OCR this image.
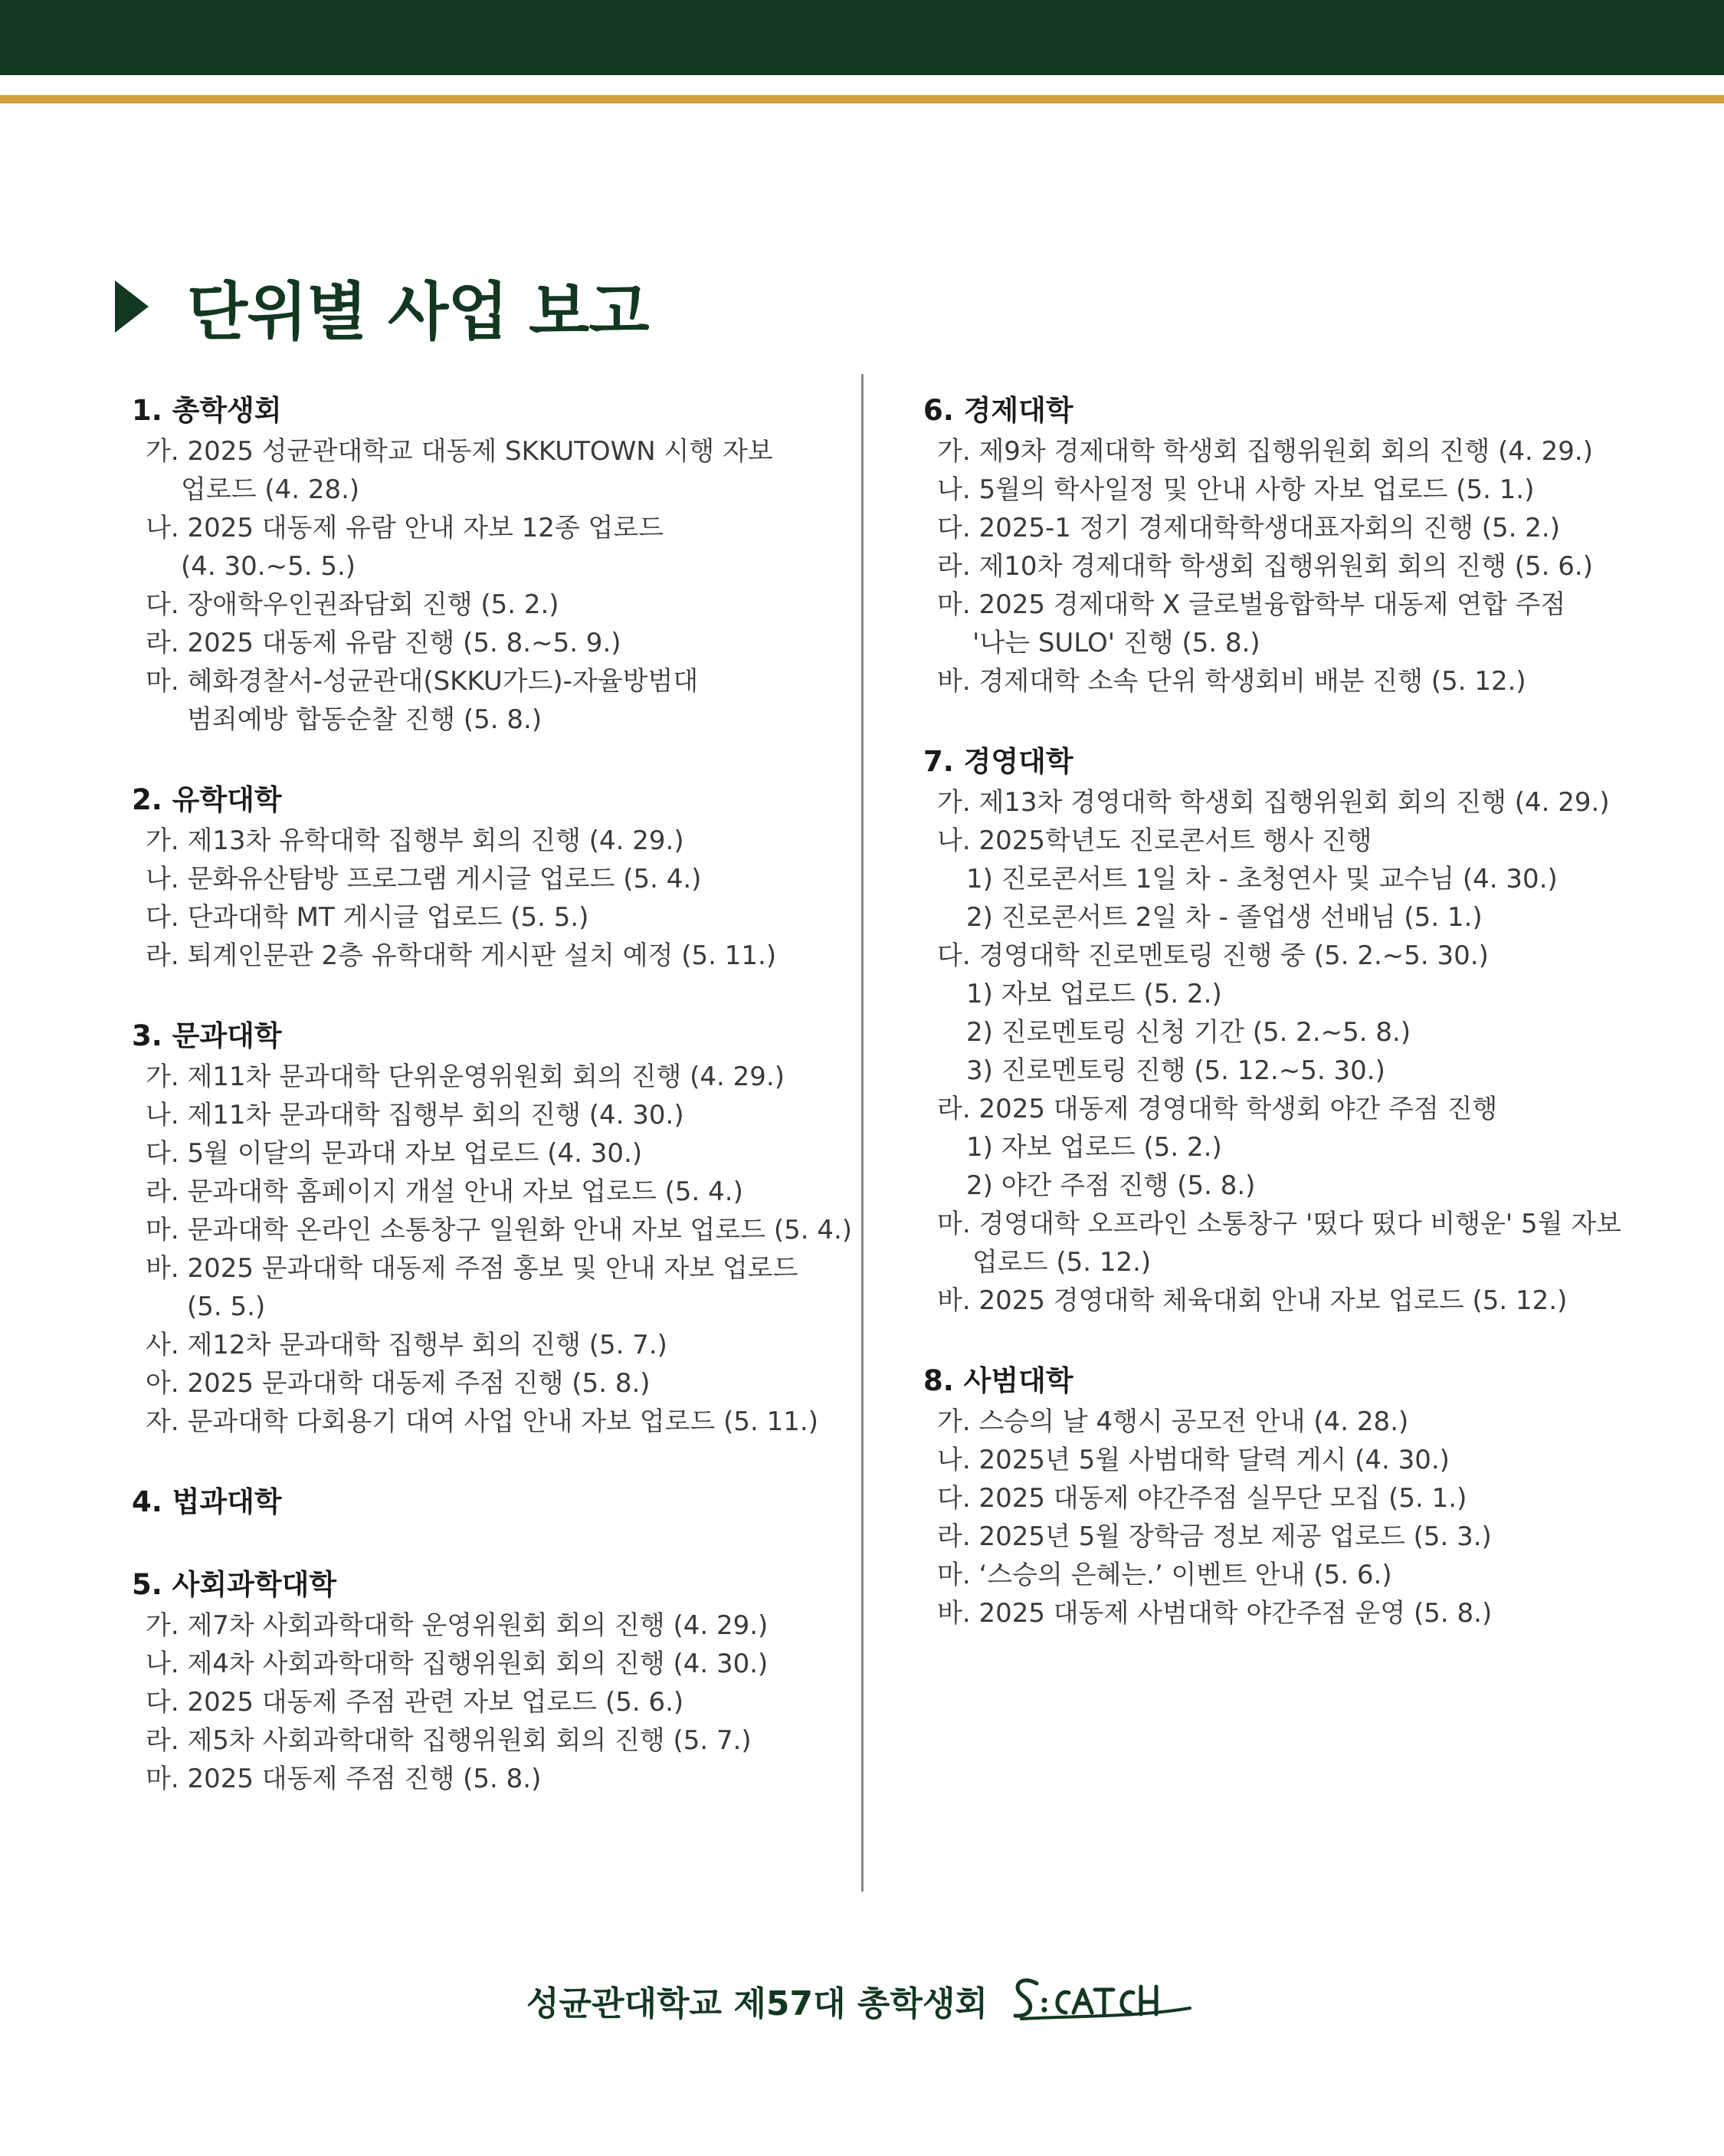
단위별 사업 보고
1. 총학생회
가. 2025 성균관대학교 대동제 SKKUTOWN 시행 자보
업로드 (4. 28.)
나. 2025 대동제 유람 안내 자보 12종 업로드
(4. 30.~5. 5.)
다. 장애학우인권좌담회 진행 (5. 2.)
라. 2025 대동제 유람 진행 (5. 8.~5. 9.)
마. 혜화경찰서-성균관대(SKKU가드)-자율방범대
범죄예방 합동순찰 진행 (5. 8.)
2. 유학대학
가. 제13차 유학대학 집행부 회의 진행 (4. 29.)
나. 문화유산탐방 프로그램 게시글 업로드 (5. 4.)
다. 단과대학 MT 게시글 업로드 (5. 5.)
라. 퇴계인문관 2층 유학대학 게시판 설치 예정 (5. 11.)
3. 문과대학
가. 제11차 문과대학 단위운영위원회 회의 진행 (4. 29.)
나. 제11차 문과대학 집행부 회의 진행 (4. 30.)
다. 5월 이달의 문과대 자보 업로드 (4. 30.)
라. 문과대학 홈페이지 개설 안내 자보 업로드 (5. 4.)
마. 문과대학 온라인 소통창구 일원화 안내 자보 업로드 (5. 4.)
바. 2025 문과대학 대동제 주점 홍보 및 안내 자보 업로드
(5. 5.)
사. 제12차 문과대학 집행부 회의 진행 (5. 7.)
아. 2025 문과대학 대동제 주점 진행 (5. 8.)
자. 문과대학 다회용기 대여 사업 안내 자보 업로드 (5. 11.)
4. 법과대학
5. 사회과학대학
가. 제7차 사회과학대학 운영위원회 회의 진행 (4. 29.)
나. 제4차 사회과학대학 집행위원회 회의 진행 (4. 30.)
다. 2025 대동제 주점 관련 자보 업로드 (5. 6.)
라. 제5차 사회과학대학 집행위원회 회의 진행 (5. 7.)
마. 2025 대동제 주점 진행 (5. 8.)
6. 경제대학
가. 제9차 경제대학 학생회 집행위원회 회의 진행 (4. 29.)
나. 5월의 학사일정 및 안내 사항 자보 업로드 (5. 1.)
다. 2025-1 정기 경제대학학생대표자회의 진행 (5. 2.)
라. 제10차 경제대학 학생회 집행위원회 회의 진행 (5. 6.)
마. 2025 경제대학 X 글로벌융합학부 대동제 연합 주점
'나는 SULO' 진행 (5. 8.)
바. 경제대학 소속 단위 학생회비 배분 진행 (5. 12.)
7. 경영대학
가. 제13차 경영대학 학생회 집행위원회 회의 진행 (4. 29.)
나. 2025학년도 진로콘서트 행사 진행
1) 진로콘서트 1일 차 - 초청연사 및 교수님 (4. 30.)
2) 진로콘서트 2일 차 - 졸업생 선배님 (5. 1.)
다. 경영대학 진로멘토링 진행 중 (5. 2.~5. 30.)
1) 자보 업로드 (5. 2.)
2) 진로멘토링 신청 기간 (5. 2.~5. 8.)
3) 진로멘토링 진행 (5. 12.~5. 30.)
라. 2025 대동제 경영대학 학생회 야간 주점 진행
1) 자보 업로드 (5. 2.)
2) 야간 주점 진행 (5. 8.)
마. 경영대학 오프라인 소통창구 '떴다 떴다 비행운' 5월 자보
업로드 (5. 12.)
바. 2025 경영대학 체육대회 안내 자보 업로드 (5. 12.)
8. 사범대학
가. 스승의 날 4행시 공모전 안내 (4. 28.)
나. 2025년 5월 사범대학 달력 게시 (4. 30.)
다. 2025 대동제 야간주점 실무단 모집 (5. 1.)
라. 2025년 5월 장학금 정보 제공 업로드 (5. 3.)
마. ‘스승의 은혜는.’ 이벤트 안내 (5. 6.)
바. 2025 대동제 사범대학 야간주점 운영 (5. 8.)
성균관대학교 제57대 총학생회
